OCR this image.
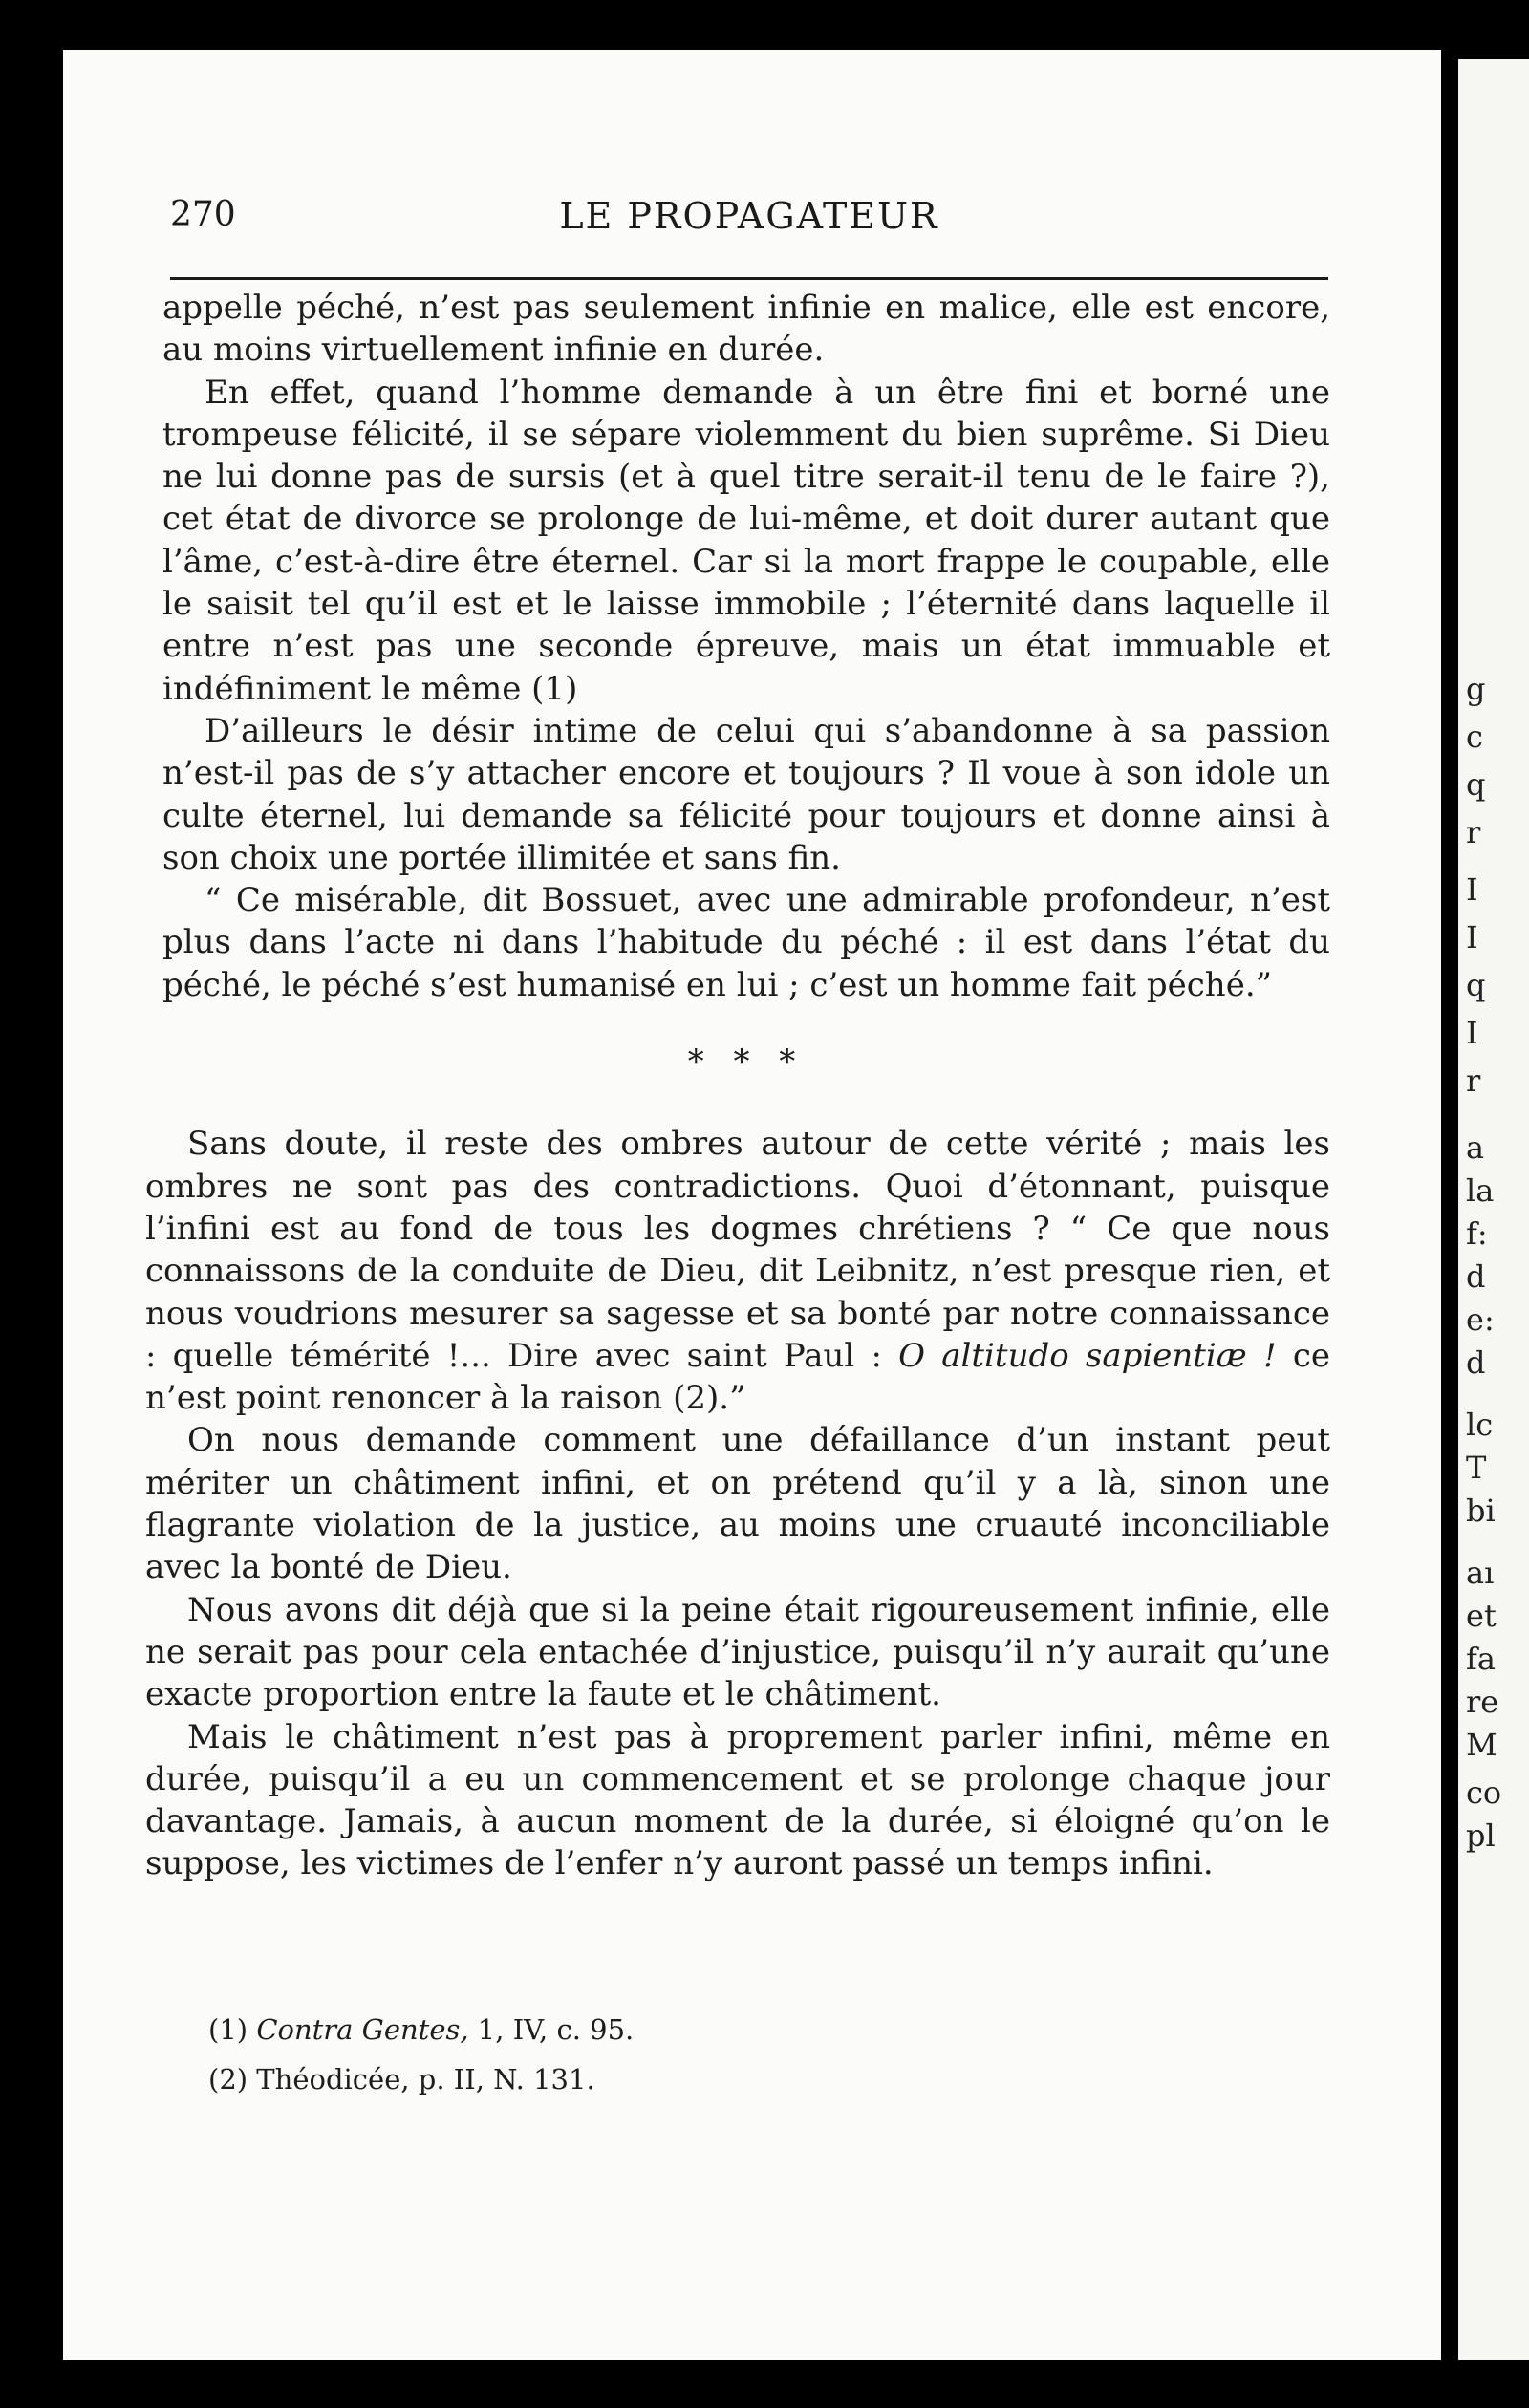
g
c
q
r
I
I
q
I
r
a
la
f:
d
e:
d
lc
T
bi
aı
et
fa
re
M
co
pl
270	LE PROPAGATEUR

appelle péché, n’est pas seulement infinie en malice, elle est encore, au moins virtuellement infinie en durée.

En effet, quand l’homme demande à un être fini et borné une trompeuse félicité, il se sépare violemment du bien suprême. Si Dieu ne lui donne pas de sursis (et à quel titre serait-il tenu de le faire ?), cet état de divorce se prolonge de lui-même, et doit durer autant que l’âme, c’est-à-dire être éternel. Car si la mort frappe le coupable, elle le saisit tel qu’il est et le laisse immobile ; l’éternité dans laquelle il entre n’est pas une seconde épreuve, mais un état immuable et indéfiniment le même (1)

D’ailleurs le désir intime de celui qui s’abandonne à sa passion n’est-il pas de s’y attacher encore et toujours ? Il voue à son idole un culte éternel, lui demande sa félicité pour toujours et donne ainsi à son choix une portée illimitée et sans fin.

“ Ce misérable, dit Bossuet, avec une admirable profondeur, n’est plus dans l’acte ni dans l’habitude du péché : il est dans l’état du péché, le péché s’est humanisé en lui ; c’est un homme fait péché.”

* * *

Sans doute, il reste des ombres autour de cette vérité ; mais les ombres ne sont pas des contradictions. Quoi d’étonnant, puisque l’infini est au fond de tous les dogmes chrétiens ? “ Ce que nous connaissons de la conduite de Dieu, dit Leibnitz, n’est presque rien, et nous voudrions mesurer sa sagesse et sa bonté par notre connaissance : quelle témérité !... Dire avec saint Paul : O altitudo sapientiæ ! ce n’est point renoncer à la raison (2).”

On nous demande comment une défaillance d’un instant peut mériter un châtiment infini, et on prétend qu’il y a là, sinon une flagrante violation de la justice, au moins une cruauté inconciliable avec la bonté de Dieu.

Nous avons dit déjà que si la peine était rigoureusement infinie, elle ne serait pas pour cela entachée d’injustice, puisqu’il n’y aurait qu’une exacte proportion entre la faute et le châtiment.

Mais le châtiment n’est pas à proprement parler infini, même en durée, puisqu’il a eu un commencement et se prolonge chaque jour davantage. Jamais, à aucun moment de la durée, si éloigné qu’on le suppose, les victimes de l’enfer n’y auront passé un temps infini.

(1) Contra Gentes, 1, IV, c. 95.

(2) Théodicée, p. II, N. 131.
